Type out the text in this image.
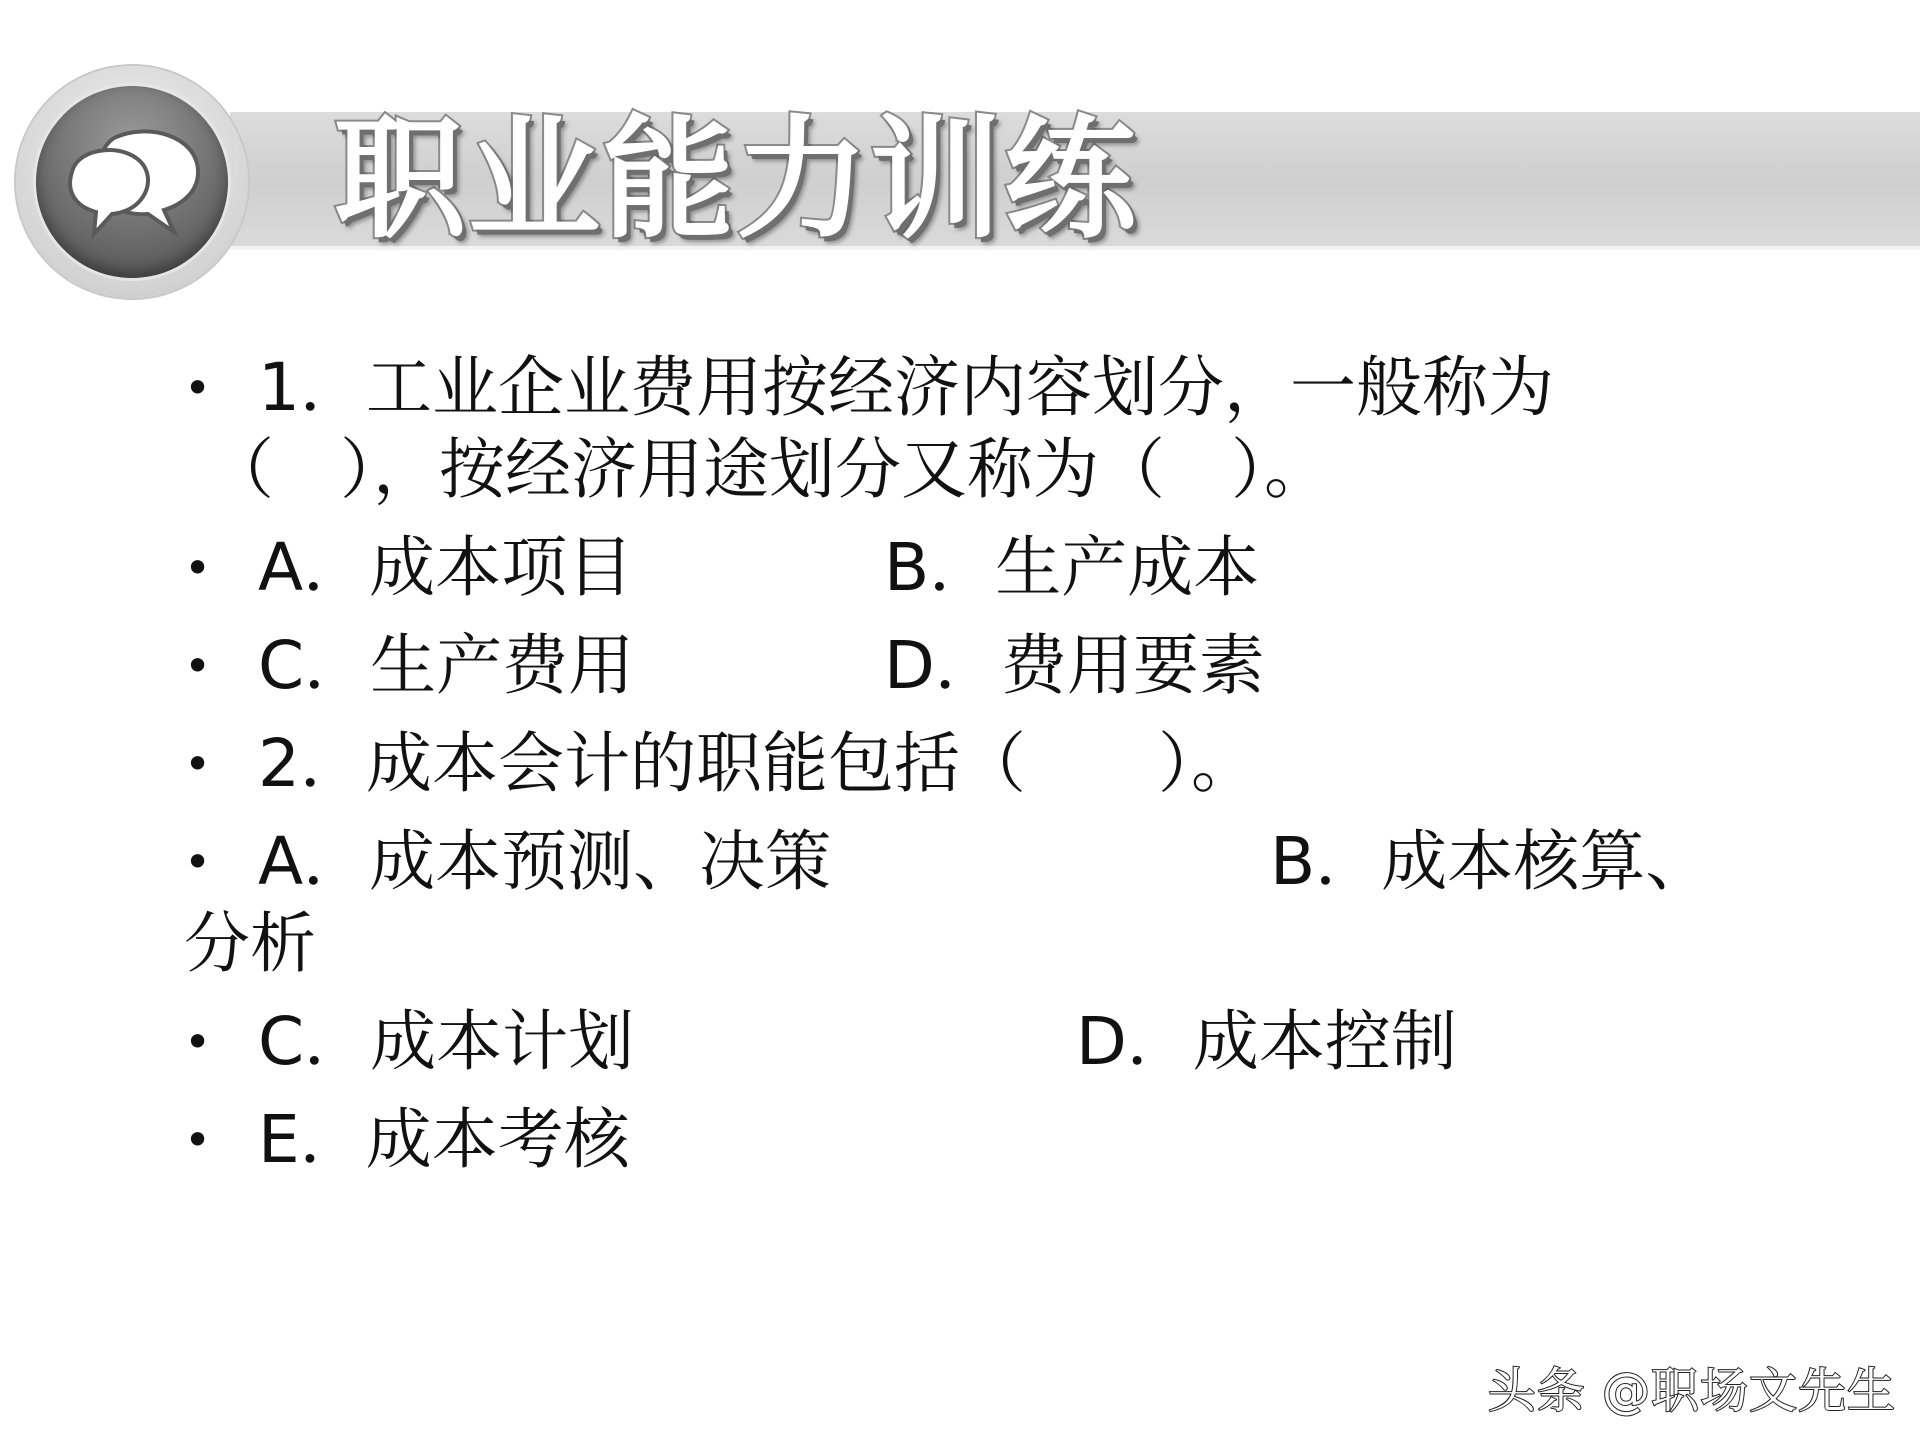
职业能力训练
• 1．工业企业费用按经济内容划分，一般称为
（　），按经济用途划分又称为（　）。
• A．成本项目	B．生产成本
• C．生产费用	D．费用要素
• 2．成本会计的职能包括（　　）。
• A．成本预测、决策	B．成本核算、
分析
• C．成本计划	D．成本控制
• E．成本考核
头条 @职场文先生
